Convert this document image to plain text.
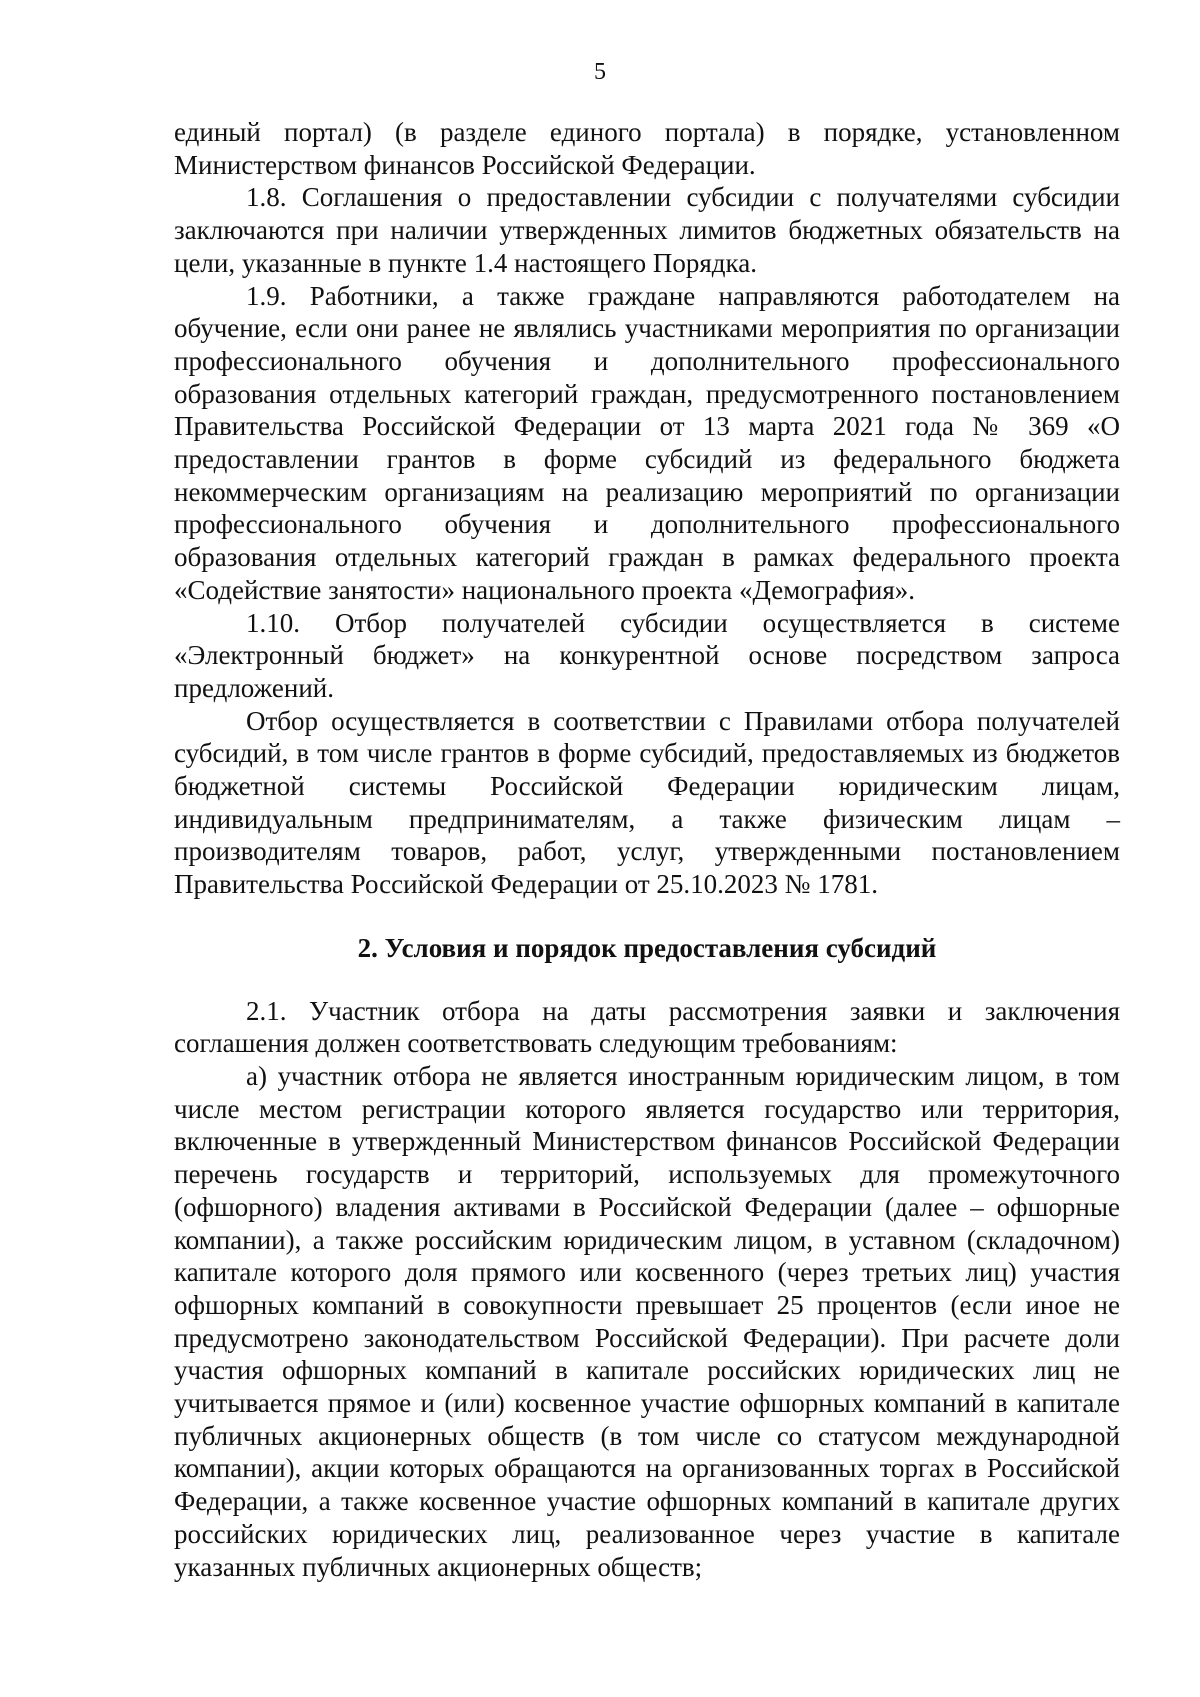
5

единый портал) (в разделе единого портала) в порядке, установленном Министерством финансов Российской Федерации.

1.8. Соглашения о предоставлении субсидии с получателями субсидии заключаются при наличии утвержденных лимитов бюджетных обязательств на цели, указанные в пункте 1.4 настоящего Порядка.

1.9. Работники, а также граждане направляются работодателем на обучение, если они ранее не являлись участниками мероприятия по организации профессионального обучения и дополнительного профессионального образования отдельных категорий граждан, предусмотренного постановлением Правительства Российской Федерации от 13 марта 2021 года № 369 «О предоставлении грантов в форме субсидий из федерального бюджета некоммерческим организациям на реализацию мероприятий по организации профессионального обучения и дополнительного профессионального образования отдельных категорий граждан в рамках федерального проекта «Содействие занятости» национального проекта «Демография».

1.10. Отбор получателей субсидии осуществляется в системе «Электронный бюджет» на конкурентной основе посредством запроса предложений.

Отбор осуществляется в соответствии с Правилами отбора получателей субсидий, в том числе грантов в форме субсидий, предоставляемых из бюджетов бюджетной системы Российской Федерации юридическим лицам, индивидуальным предпринимателям, а также физическим лицам – производителям товаров, работ, услуг, утвержденными постановлением Правительства Российской Федерации от 25.10.2023 № 1781.

2. Условия и порядок предоставления субсидий

2.1. Участник отбора на даты рассмотрения заявки и заключения соглашения должен соответствовать следующим требованиям:

а) участник отбора не является иностранным юридическим лицом, в том числе местом регистрации которого является государство или территория, включенные в утвержденный Министерством финансов Российской Федерации перечень государств и территорий, используемых для промежуточного (офшорного) владения активами в Российской Федерации (далее – офшорные компании), а также российским юридическим лицом, в уставном (складочном) капитале которого доля прямого или косвенного (через третьих лиц) участия офшорных компаний в совокупности превышает 25 процентов (если иное не предусмотрено законодательством Российской Федерации). При расчете доли участия офшорных компаний в капитале российских юридических лиц не учитывается прямое и (или) косвенное участие офшорных компаний в капитале публичных акционерных обществ (в том числе со статусом международной компании), акции которых обращаются на организованных торгах в Российской Федерации, а также косвенное участие офшорных компаний в капитале других российских юридических лиц, реализованное через участие в капитале указанных публичных акционерных обществ;
